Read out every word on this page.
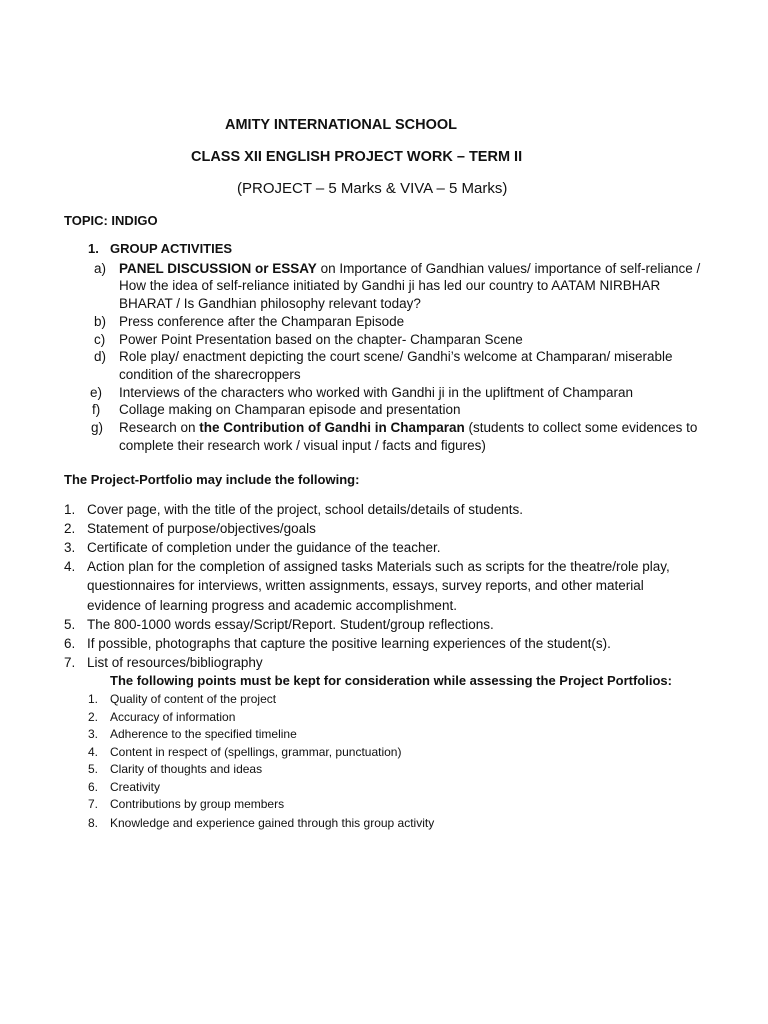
AMITY INTERNATIONAL SCHOOL
CLASS XII ENGLISH PROJECT WORK – TERM II
(PROJECT – 5 Marks & VIVA – 5 Marks)
TOPIC: INDIGO
1. GROUP ACTIVITIES
a) PANEL DISCUSSION or ESSAY on Importance of Gandhian values/ importance of self-reliance /
How the idea of self-reliance initiated by Gandhi ji has led our country to AATAM NIRBHAR
BHARAT / Is Gandhian philosophy relevant today?
b) Press conference after the Champaran Episode
c) Power Point Presentation based on the chapter- Champaran Scene
d) Role play/ enactment depicting the court scene/ Gandhi’s welcome at Champaran/ miserable
condition of the sharecroppers
e) Interviews of the characters who worked with Gandhi ji in the upliftment of Champaran
f) Collage making on Champaran episode and presentation
g) Research on the Contribution of Gandhi in Champaran (students to collect some evidences to
complete their research work / visual input / facts and figures)
The Project-Portfolio may include the following:
1. Cover page, with the title of the project, school details/details of students.
2. Statement of purpose/objectives/goals
3. Certificate of completion under the guidance of the teacher.
4. Action plan for the completion of assigned tasks Materials such as scripts for the theatre/role play,
questionnaires for interviews, written assignments, essays, survey reports, and other material
evidence of learning progress and academic accomplishment.
5. The 800-1000 words essay/Script/Report. Student/group reflections.
6. If possible, photographs that capture the positive learning experiences of the student(s).
7. List of resources/bibliography
The following points must be kept for consideration while assessing the Project Portfolios:
1. Quality of content of the project
2. Accuracy of information
3. Adherence to the specified timeline
4. Content in respect of (spellings, grammar, punctuation)
5. Clarity of thoughts and ideas
6. Creativity
7. Contributions by group members
8. Knowledge and experience gained through this group activity
